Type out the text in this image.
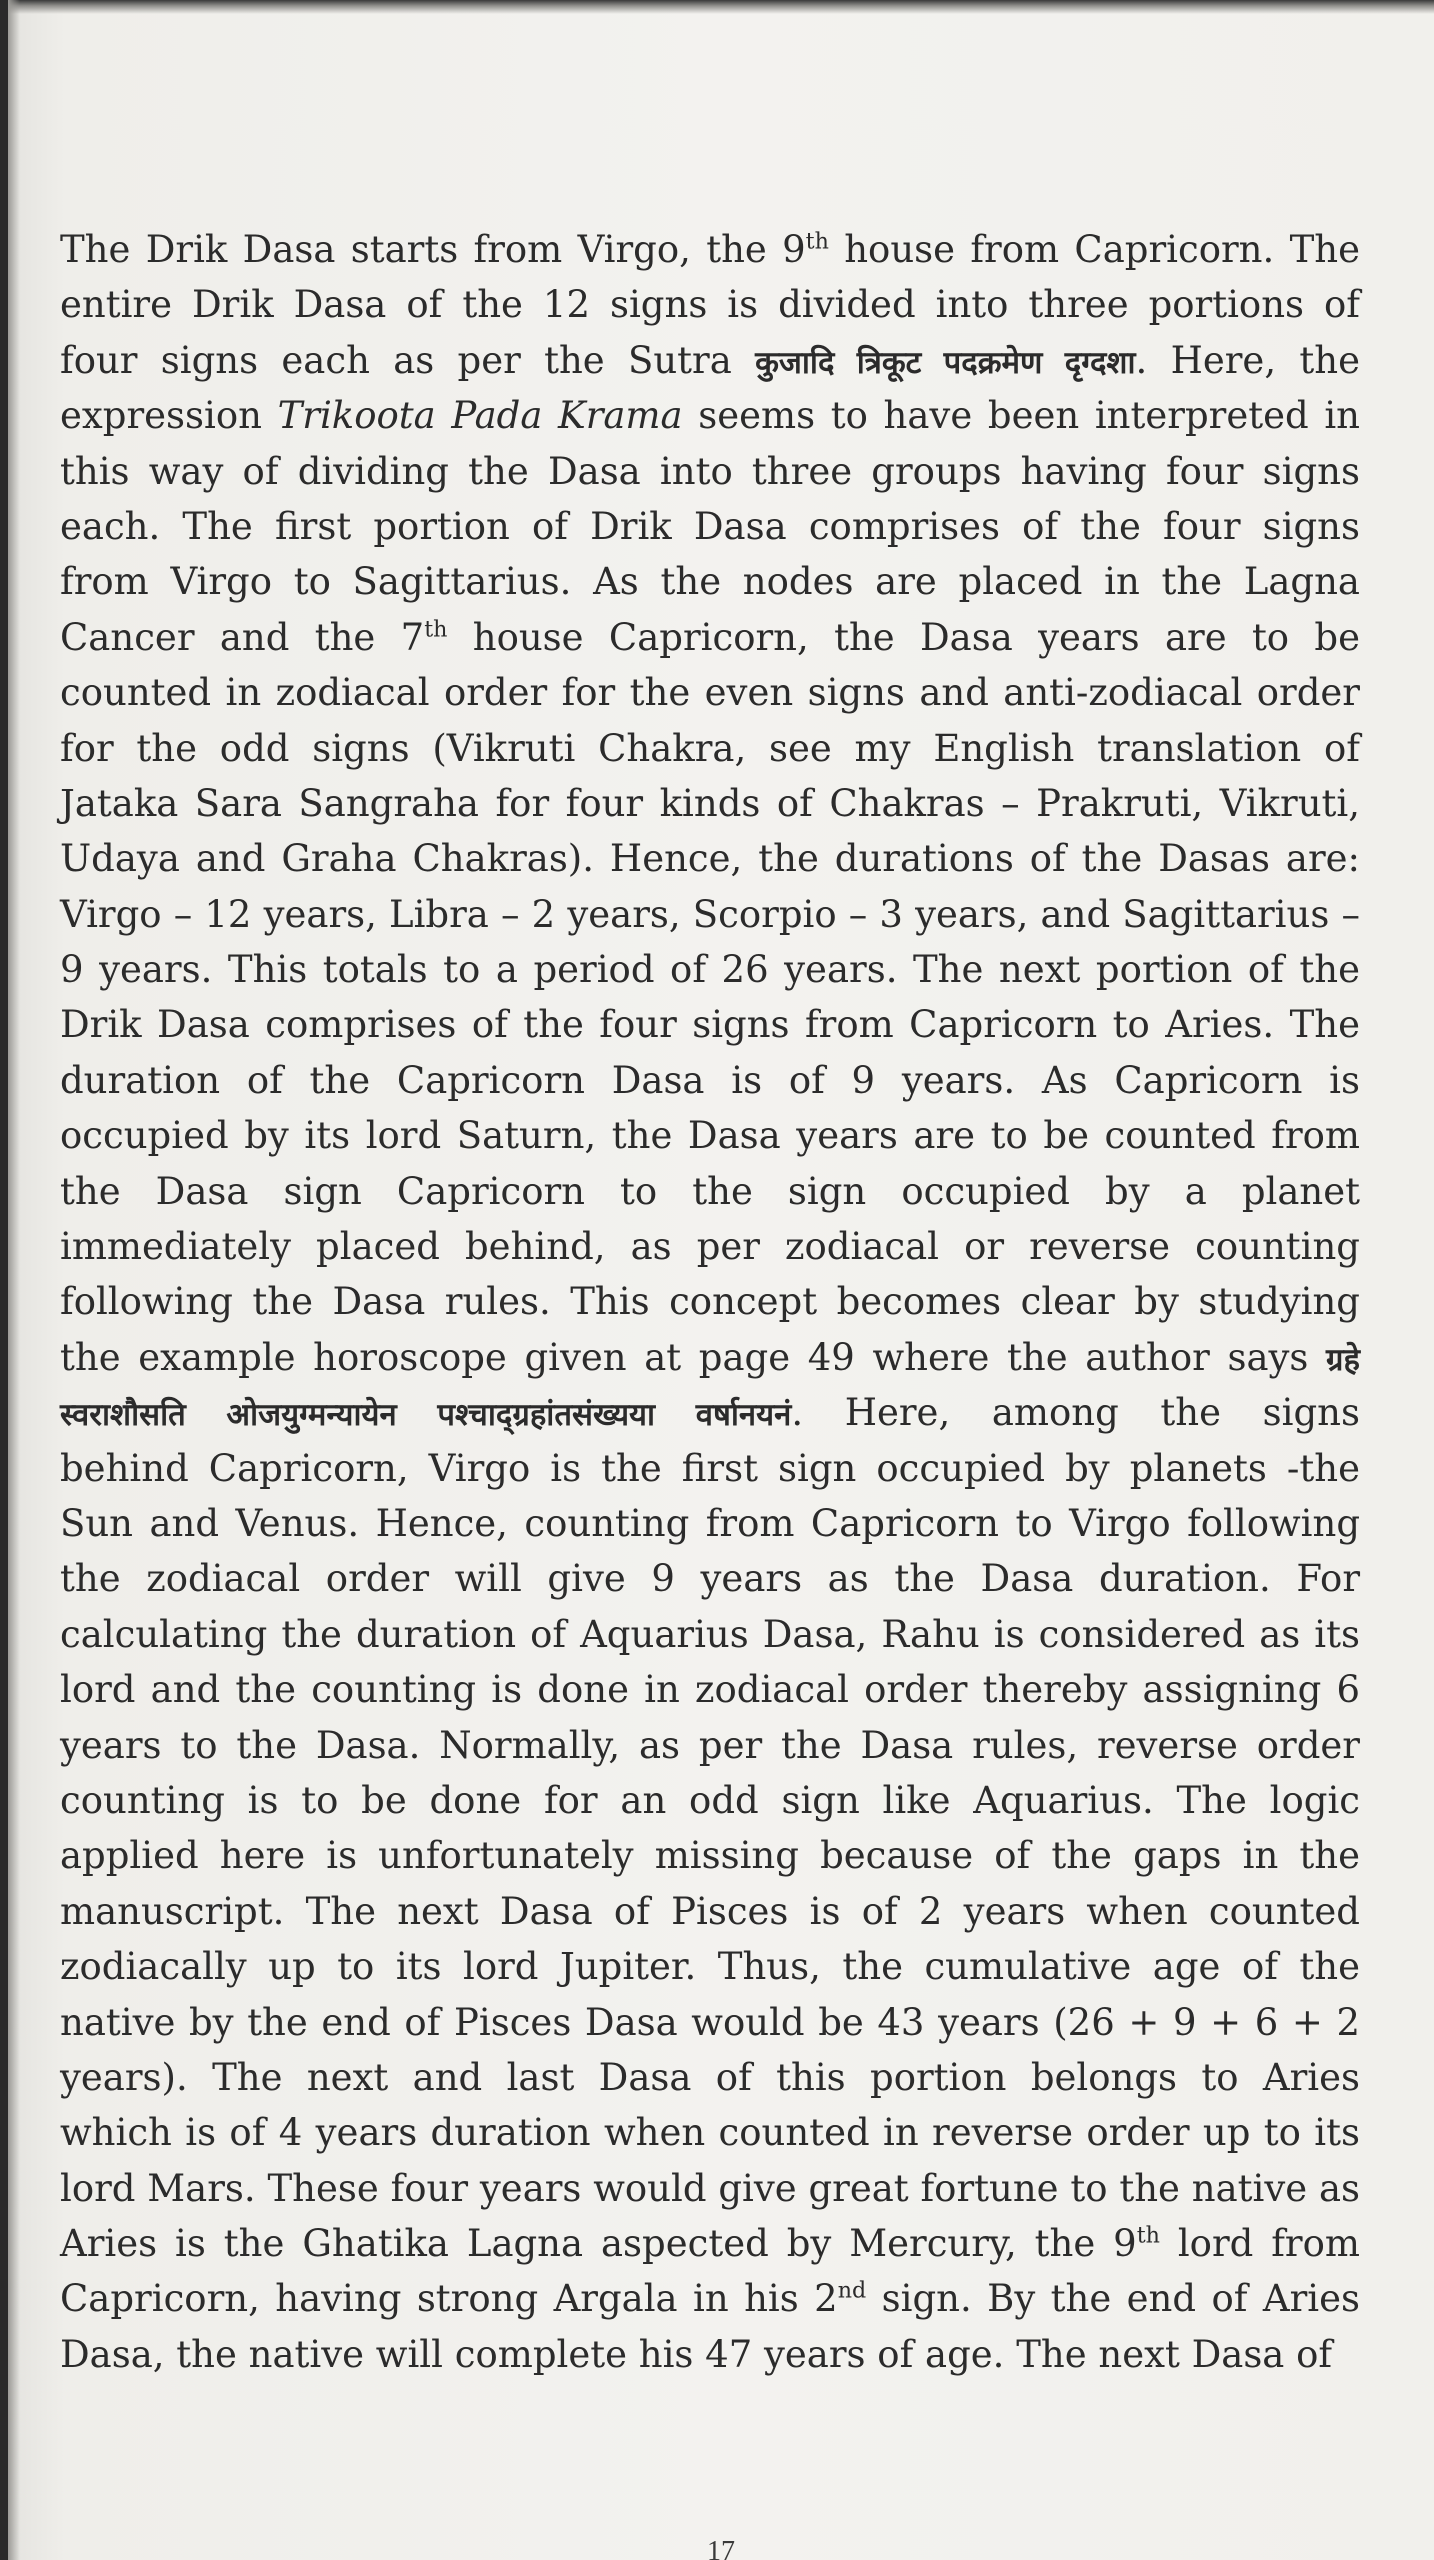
The Drik Dasa starts from Virgo, the 9th house from Capricorn. The

entire Drik Dasa of the 12 signs is divided into three portions of

four signs each as per the Sutra कुजादि त्रिकूट पदक्रमेण दृग्दशा. Here, the

expression Trikoota Pada Krama seems to have been interpreted in

this way of dividing the Dasa into three groups having four signs

each. The first portion of Drik Dasa comprises of the four signs

from Virgo to Sagittarius. As the nodes are placed in the Lagna

Cancer and the 7th house Capricorn, the Dasa years are to be

counted in zodiacal order for the even signs and anti-zodiacal order

for the odd signs (Vikruti Chakra, see my English translation of

Jataka Sara Sangraha for four kinds of Chakras – Prakruti, Vikruti,

Udaya and Graha Chakras). Hence, the durations of the Dasas are:

Virgo – 12 years, Libra – 2 years, Scorpio – 3 years, and Sagittarius –

9 years. This totals to a period of 26 years. The next portion of the

Drik Dasa comprises of the four signs from Capricorn to Aries. The

duration of the Capricorn Dasa is of 9 years. As Capricorn is

occupied by its lord Saturn, the Dasa years are to be counted from

the Dasa sign Capricorn to the sign occupied by a planet

immediately placed behind, as per zodiacal or reverse counting

following the Dasa rules. This concept becomes clear by studying

the example horoscope given at page 49 where the author says ग्रहे

स्वराशौसति ओजयुग्मन्यायेन पश्चाद्ग्रहांतसंख्यया वर्षानयनं. Here, among the signs

behind Capricorn, Virgo is the first sign occupied by planets -the

Sun and Venus. Hence, counting from Capricorn to Virgo following

the zodiacal order will give 9 years as the Dasa duration. For

calculating the duration of Aquarius Dasa, Rahu is considered as its

lord and the counting is done in zodiacal order thereby assigning 6

years to the Dasa. Normally, as per the Dasa rules, reverse order

counting is to be done for an odd sign like Aquarius. The logic

applied here is unfortunately missing because of the gaps in the

manuscript. The next Dasa of Pisces is of 2 years when counted

zodiacally up to its lord Jupiter. Thus, the cumulative age of the

native by the end of Pisces Dasa would be 43 years (26 + 9 + 6 + 2

years). The next and last Dasa of this portion belongs to Aries

which is of 4 years duration when counted in reverse order up to its

lord Mars. These four years would give great fortune to the native as

Aries is the Ghatika Lagna aspected by Mercury, the 9th lord from

Capricorn, having strong Argala in his 2nd sign. By the end of Aries

Dasa, the native will complete his 47 years of age. The next Dasa of

17
